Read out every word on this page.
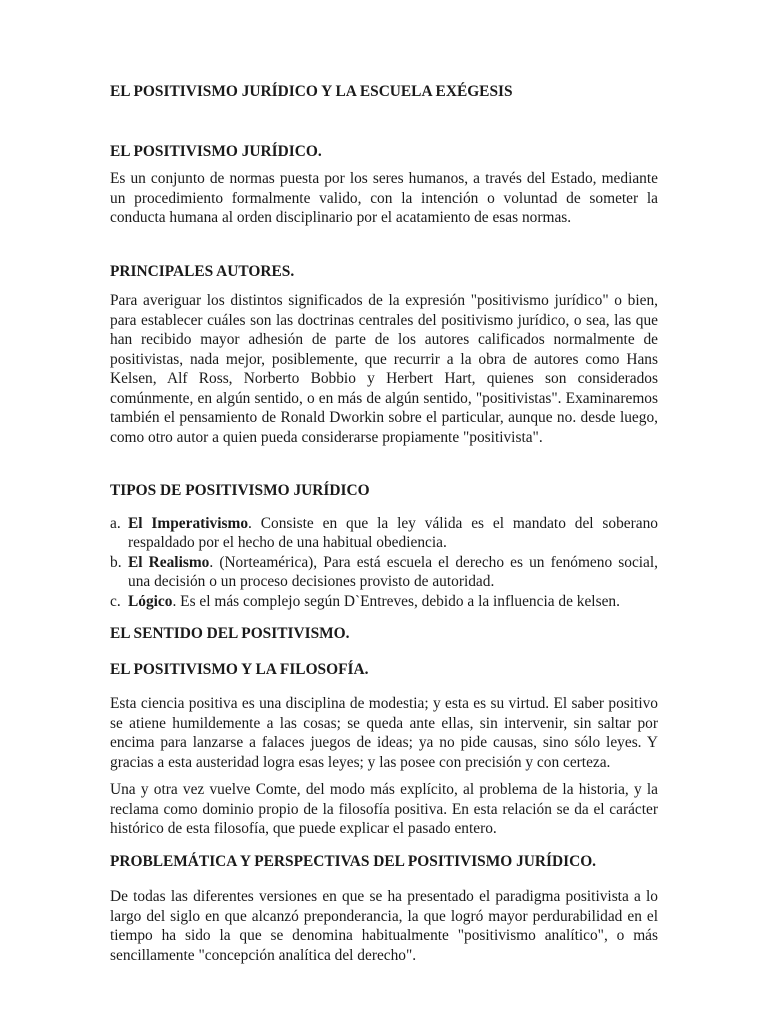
EL POSITIVISMO JURÍDICO Y LA ESCUELA EXÉGESIS
EL POSITIVISMO JURÍDICO.

Es un conjunto de normas puesta por los seres humanos, a través del Estado, mediante un procedimiento formalmente valido, con la intención o voluntad de someter la conducta humana al orden disciplinario por el acatamiento de esas normas.

PRINCIPALES AUTORES.

Para averiguar los distintos significados de la expresión "positivismo jurídico" o bien, para establecer cuáles son las doctrinas centrales del positivismo jurídico, o sea, las que han recibido mayor adhesión de parte de los autores calificados normalmente de positivistas, nada mejor, posiblemente, que recurrir a la obra de autores como Hans Kelsen, Alf Ross, Norberto Bobbio y Herbert Hart, quienes son considerados comúnmente, en algún sentido, o en más de algún sentido, "positivistas". Examinaremos también el pensamiento de Ronald Dworkin sobre el particular, aunque no. desde luego, como otro autor a quien pueda considerarse propiamente "positivista".

TIPOS DE POSITIVISMO JURÍDICO
a. El Imperativismo. Consiste en que la ley válida es el mandato del soberano respaldado por el hecho de una habitual obediencia.
b. El Realismo. (Norteamérica), Para está escuela el derecho es un fenómeno social, una decisión o un proceso decisiones provisto de autoridad.
c. Lógico. Es el más complejo según D`Entreves, debido a la influencia de kelsen.
EL SENTIDO DEL POSITIVISMO.
EL POSITIVISMO Y LA FILOSOFÍA.

Esta ciencia positiva es una disciplina de modestia; y esta es su virtud. El saber positivo se atiene humildemente a las cosas; se queda ante ellas, sin intervenir, sin saltar por encima para lanzarse a falaces juegos de ideas; ya no pide causas, sino sólo leyes. Y gracias a esta austeridad logra esas leyes; y las posee con precisión y con certeza.

Una y otra vez vuelve Comte, del modo más explícito, al problema de la historia, y la reclama como dominio propio de la filosofía positiva. En esta relación se da el carácter histórico de esta filosofía, que puede explicar el pasado entero.

PROBLEMÁTICA Y PERSPECTIVAS DEL POSITIVISMO JURÍDICO.

De todas las diferentes versiones en que se ha presentado el paradigma positivista a lo largo del siglo en que alcanzó preponderancia, la que logró mayor perdurabilidad en el tiempo ha sido la que se denomina habitualmente "positivismo analítico", o más sencillamente "concepción analítica del derecho".
